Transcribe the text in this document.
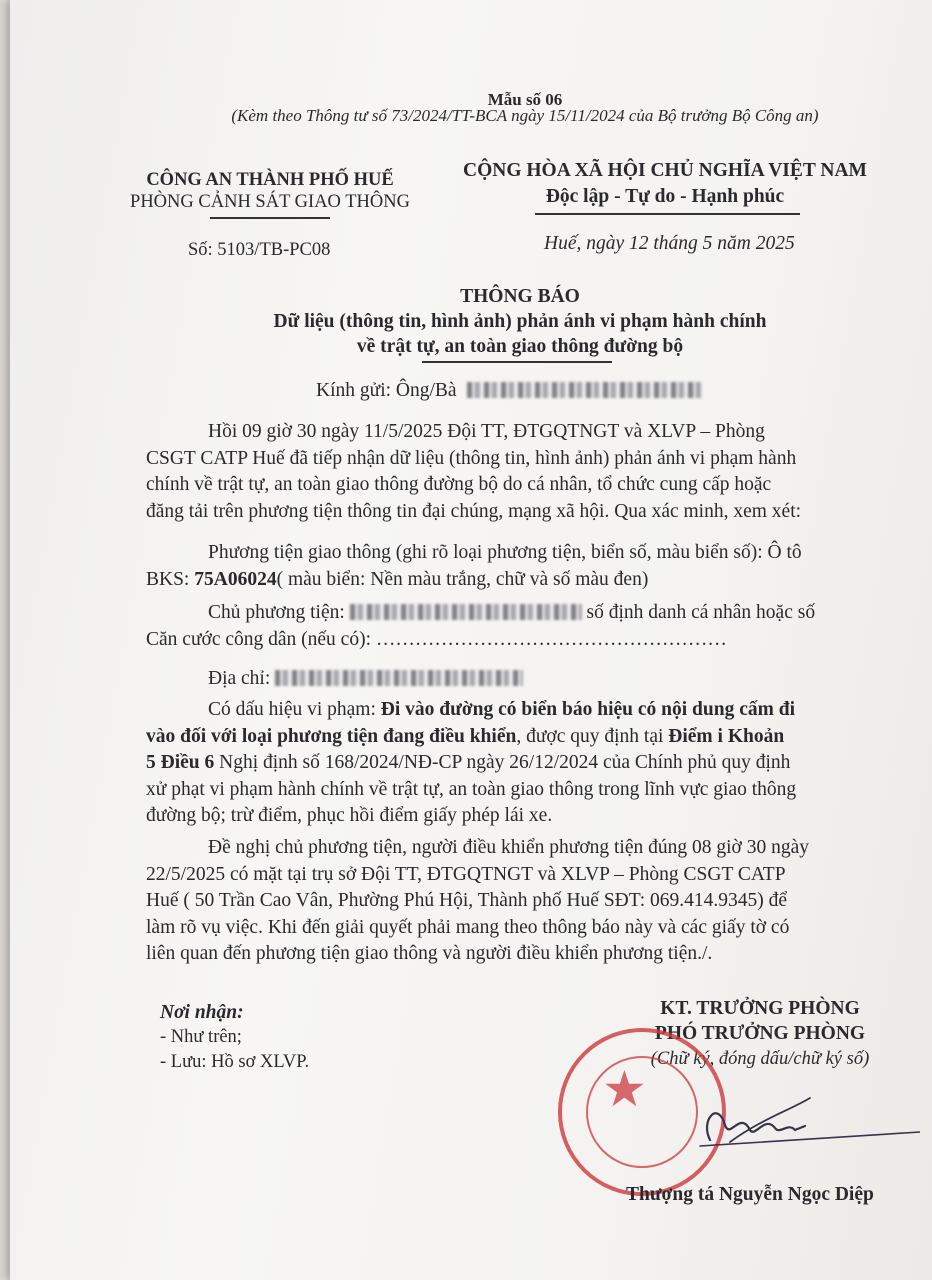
Mẫu số 06
(Kèm theo Thông tư số 73/2024/TT-BCA ngày 15/11/2024 của Bộ trưởng Bộ Công an)
CÔNG AN THÀNH PHỐ HUẾ
PHÒNG CẢNH SÁT GIAO THÔNG
Số: 5103/TB-PC08
CỘNG HÒA XÃ HỘI CHỦ NGHĨA VIỆT NAM
Độc lập - Tự do - Hạnh phúc
Huế, ngày 12 tháng 5 năm 2025
THÔNG BÁO
Dữ liệu (thông tin, hình ảnh) phản ánh vi phạm hành chính
về trật tự, an toàn giao thông đường bộ
Kính gửi: Ông/Bà
Hồi 09 giờ 30 ngày 11/5/2025 Đội TT, ĐTGQTNGT và XLVP – Phòng
CSGT CATP Huế đã tiếp nhận dữ liệu (thông tin, hình ảnh) phản ánh vi phạm hành
chính về trật tự, an toàn giao thông đường bộ do cá nhân, tổ chức cung cấp hoặc
đăng tải trên phương tiện thông tin đại chúng, mạng xã hội. Qua xác minh, xem xét:
Phương tiện giao thông (ghi rõ loại phương tiện, biển số, màu biển số): Ô tô
BKS: 75A06024( màu biển: Nền màu trắng, chữ và số màu đen)
Chủ phương tiện:	số định danh cá nhân hoặc số
Căn cước công dân (nếu có): ………………………………………………
Địa chỉ:
Có dấu hiệu vi phạm: Đi vào đường có biển báo hiệu có nội dung cấm đi
vào đối với loại phương tiện đang điều khiển, được quy định tại Điểm i Khoản
5 Điều 6 Nghị định số 168/2024/NĐ-CP ngày 26/12/2024 của Chính phủ quy định
xử phạt vi phạm hành chính về trật tự, an toàn giao thông trong lĩnh vực giao thông
đường bộ; trừ điểm, phục hồi điểm giấy phép lái xe.
Đề nghị chủ phương tiện, người điều khiển phương tiện đúng 08 giờ 30 ngày
22/5/2025 có mặt tại trụ sở Đội TT, ĐTGQTNGT và XLVP – Phòng CSGT CATP
Huế ( 50 Trần Cao Vân, Phường Phú Hội, Thành phố Huế SĐT: 069.414.9345) để
làm rõ vụ việc. Khi đến giải quyết phải mang theo thông báo này và các giấy tờ có
liên quan đến phương tiện giao thông và người điều khiển phương tiện./.
Nơi nhận:
- Như trên;
- Lưu: Hồ sơ XLVP.
KT. TRƯỞNG PHÒNG
PHÓ TRƯỞNG PHÒNG
(Chữ ký, đóng dấu/chữ ký số)
★
Thượng tá Nguyễn Ngọc Diệp
